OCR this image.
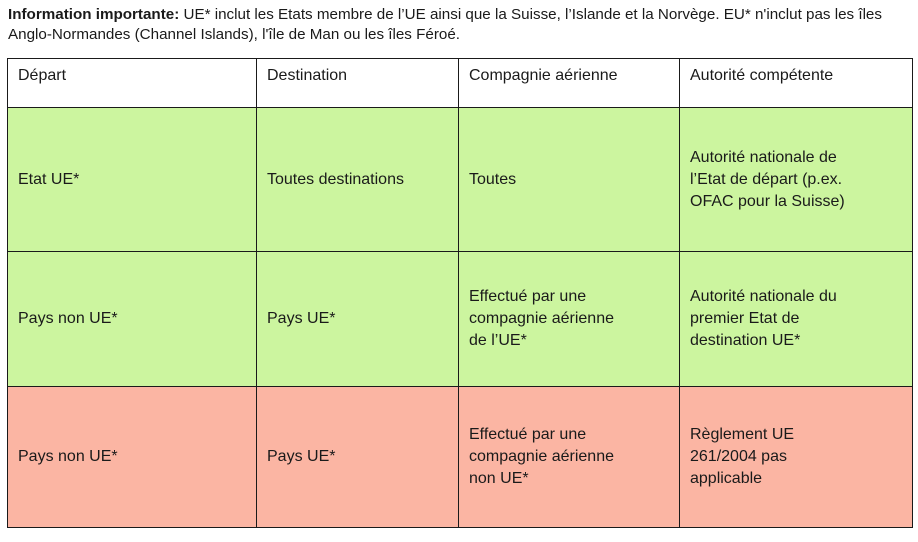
Information importante: UE* inclut les Etats membre de l’UE ainsi que la Suisse, l’Islande et la Norvège. EU* n'inclut pas les îles Anglo-Normandes (Channel Islands), l'île de Man ou les îles Féroé.

Départ	Destination	Compagnie aérienne	Autorité compétente
Etat UE*	Toutes destinations	Toutes	Autorité nationale de
l’Etat de départ (p.ex.
OFAC pour la Suisse)
Pays non UE*	Pays UE*	Effectué par une
compagnie aérienne
de l’UE*	Autorité nationale du
premier Etat de
destination UE*
Pays non UE*	Pays UE*	Effectué par une
compagnie aérienne
non UE*	Règlement UE
261/2004 pas
applicable
